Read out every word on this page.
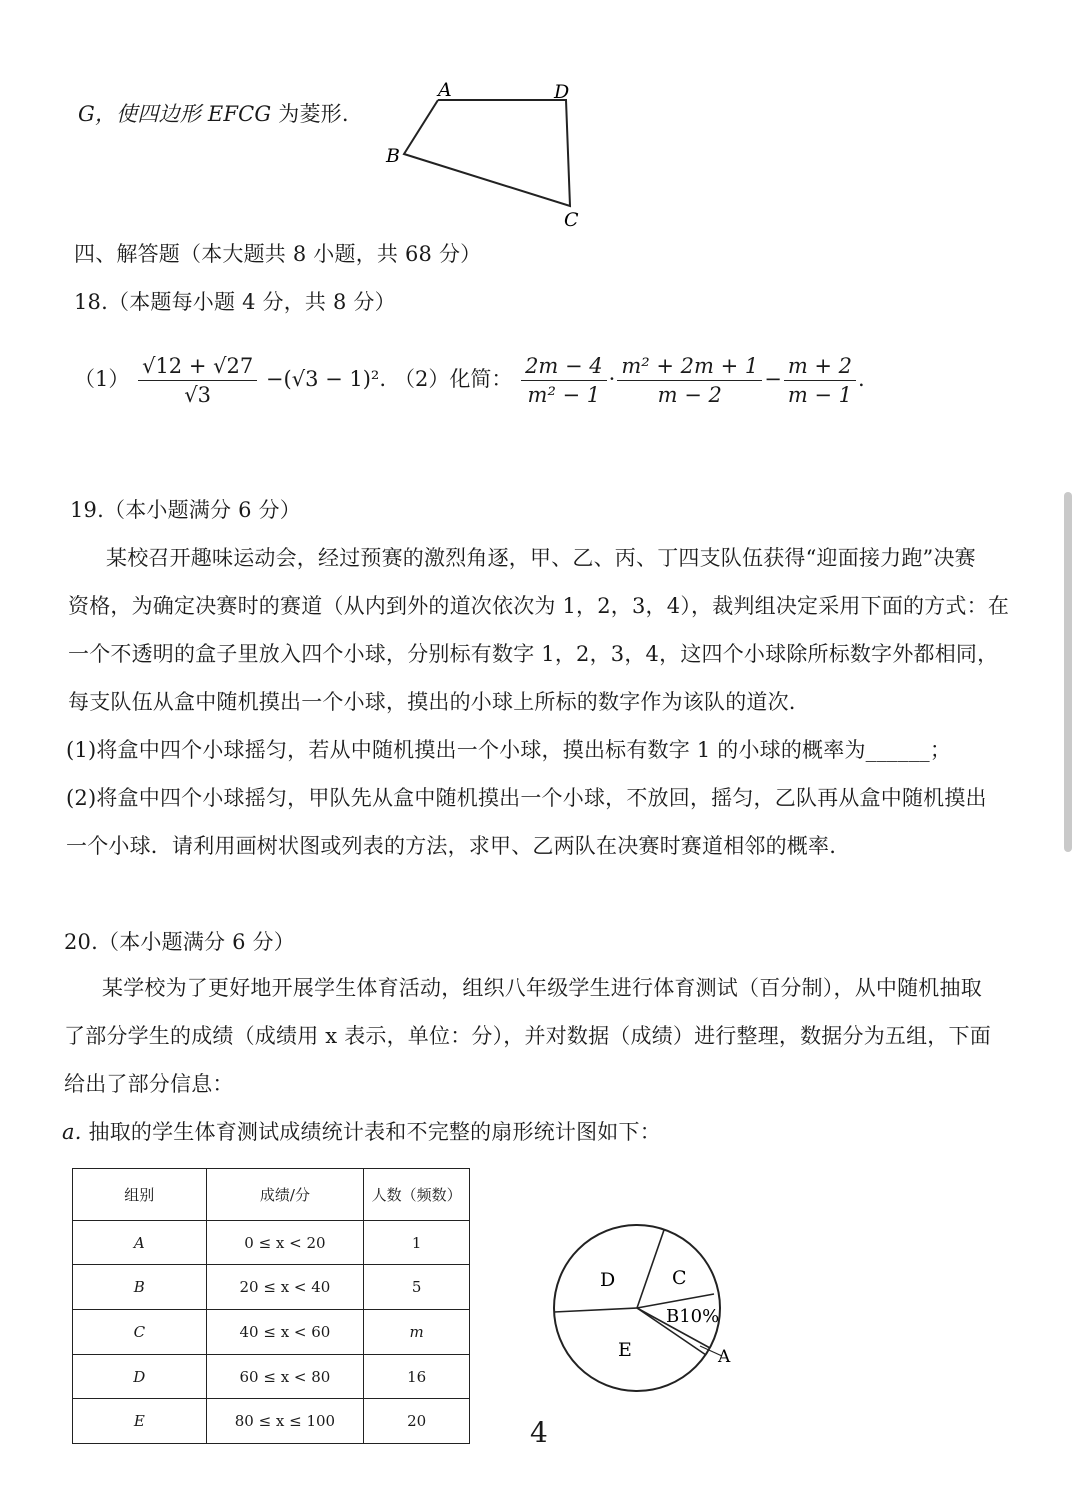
G，使四边形 EFCG 为菱形.
A	D
B
C
四、解答题（本大题共 8 小题，共 68 分）
18.（本题每小题 4 分，共 8 分）
$(1) \frac{√12 + √27}{√3} -(√3 - 1)^2$. （2）化简： $\frac{2m - 4}{\text{m² − 1}} \cdot \frac{\text{m² + 2m + 1}}{m - 2} - \frac{m + 2}{m - 1}$ .
19.（本小题满分 6 分）
某校召开趣味运动会，经过预赛的激烈角逐，甲、乙、丙、丁四支队伍获得“迎面接力跑”决赛
资格，为确定决赛时的赛道（从内到外的道次依次为 1，2，3，4），裁判组决定采用下面的方式：在
一个不透明的盒子里放入四个小球，分别标有数字 1，2，3，4，这四个小球除所标数字外都相同，
每支队伍从盒中随机摸出一个小球，摸出的小球上所标的数字作为该队的道次.
(1)将盒中四个小球摇匀，若从中随机摸出一个小球，摸出标有数字 1 的小球的概率为______；
(2)将盒中四个小球摇匀，甲队先从盒中随机摸出一个小球，不放回，摇匀，乙队再从盒中随机摸出
一个小球．请利用画树状图或列表的方法，求甲、乙两队在决赛时赛道相邻的概率.
20.（本小题满分 6 分）
某学校为了更好地开展学生体育活动，组织八年级学生进行体育测试（百分制），从中随机抽取
了部分学生的成绩（成绩用 x 表示，单位：分），并对数据（成绩）进行整理，数据分为五组，下面
给出了部分信息：
a. 抽取的学生体育测试成绩统计表和不完整的扇形统计图如下：
组别	成绩/分	人数（频数）
A	0 ≤ x < 20	1
B	20 ≤ x < 40	5
C	40 ≤ x < 60	m
D	60 ≤ x < 80	16
E	80 ≤ x ≤ 100	20
D	C
B10%
E	A
4
